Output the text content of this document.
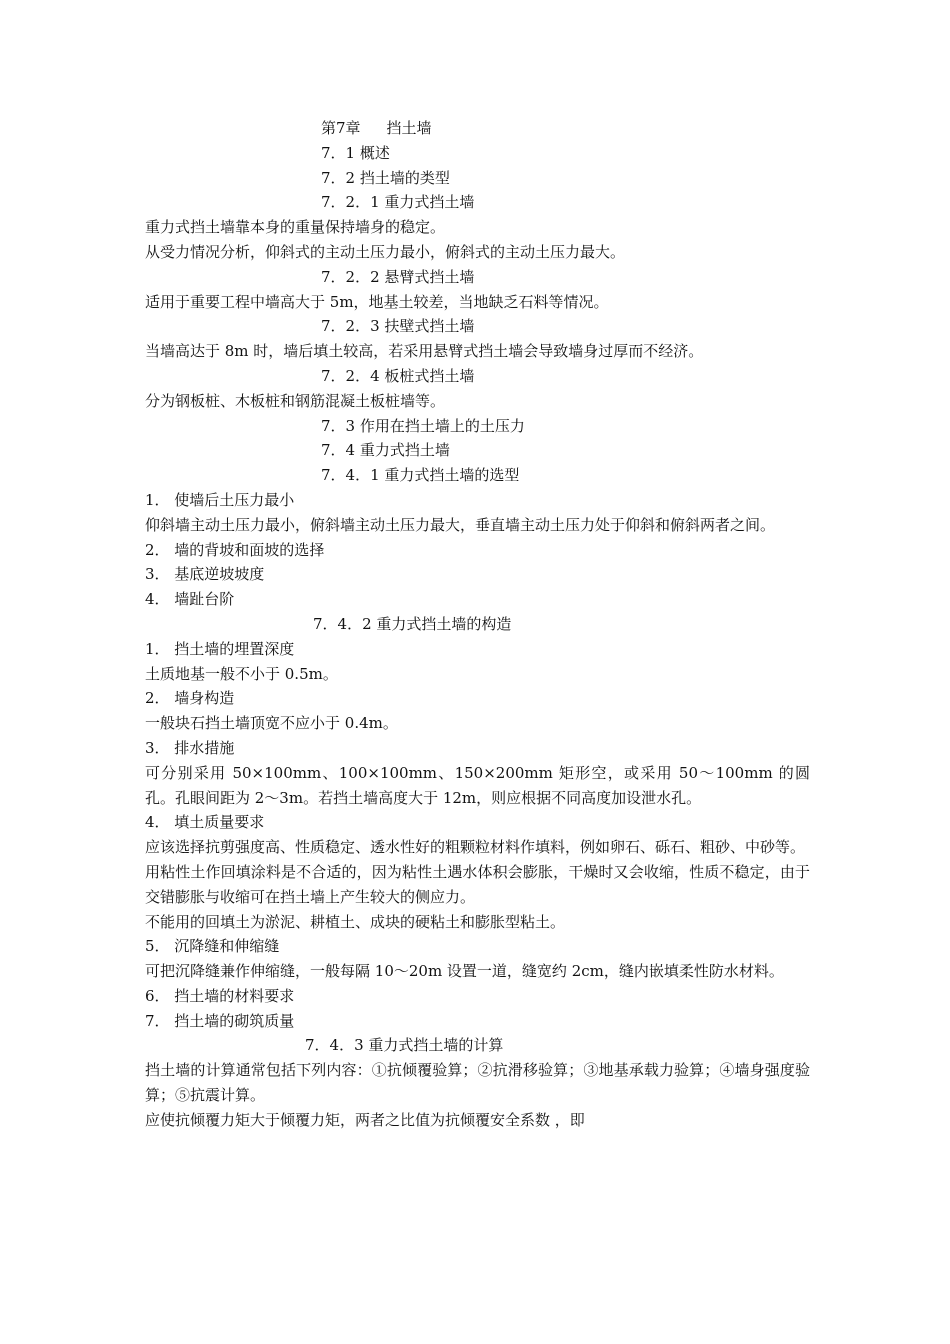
第7章 挡土墙
7．1 概述
7．2 挡土墙的类型
7．2．1 重力式挡土墙
重力式挡土墙靠本身的重量保持墙身的稳定。
从受力情况分析，仰斜式的主动土压力最小，俯斜式的主动土压力最大。
7．2．2 悬臂式挡土墙
适用于重要工程中墙高大于 5m，地基土较差，当地缺乏石料等情况。
7．2．3 扶壁式挡土墙
当墙高达于 8m 时，墙后填土较高，若采用悬臂式挡土墙会导致墙身过厚而不经济。
7．2．4 板桩式挡土墙
分为钢板桩、木板桩和钢筋混凝土板桩墙等。
7．3 作用在挡土墙上的土压力
7．4 重力式挡土墙
7．4．1 重力式挡土墙的选型
1． 使墙后土压力最小
仰斜墙主动土压力最小，俯斜墙主动土压力最大，垂直墙主动土压力处于仰斜和俯斜两者之间。
2． 墙的背坡和面坡的选择
3． 基底逆坡坡度
4． 墙趾台阶
7．4．2 重力式挡土墙的构造
1． 挡土墙的埋置深度
土质地基一般不小于 0.5m。
2． 墙身构造
一般块石挡土墙顶宽不应小于 0.4m。
3． 排水措施
可分别采用 50×100mm、100×100mm、150×200mm 矩形空，或采用 50～100mm 的圆孔。孔眼间距为 2～3m。若挡土墙高度大于 12m，则应根据不同高度加设泄水孔。
4． 填土质量要求
应该选择抗剪强度高、性质稳定、透水性好的粗颗粒材料作填料，例如卵石、砾石、粗砂、中砂等。
用粘性土作回填涂料是不合适的，因为粘性土遇水体积会膨胀，干燥时又会收缩，性质不稳定，由于交错膨胀与收缩可在挡土墙上产生较大的侧应力。
不能用的回填土为淤泥、耕植土、成块的硬粘土和膨胀型粘土。
5． 沉降缝和伸缩缝
可把沉降缝兼作伸缩缝，一般每隔 10～20m 设置一道，缝宽约 2cm，缝内嵌填柔性防水材料。
6． 挡土墙的材料要求
7． 挡土墙的砌筑质量
7．4．3 重力式挡土墙的计算
挡土墙的计算通常包括下列内容：①抗倾覆验算；②抗滑移验算；③地基承载力验算；④墙身强度验算；⑤抗震计算。
应使抗倾覆力矩大于倾覆力矩，两者之比值为抗倾覆安全系数 ，即
